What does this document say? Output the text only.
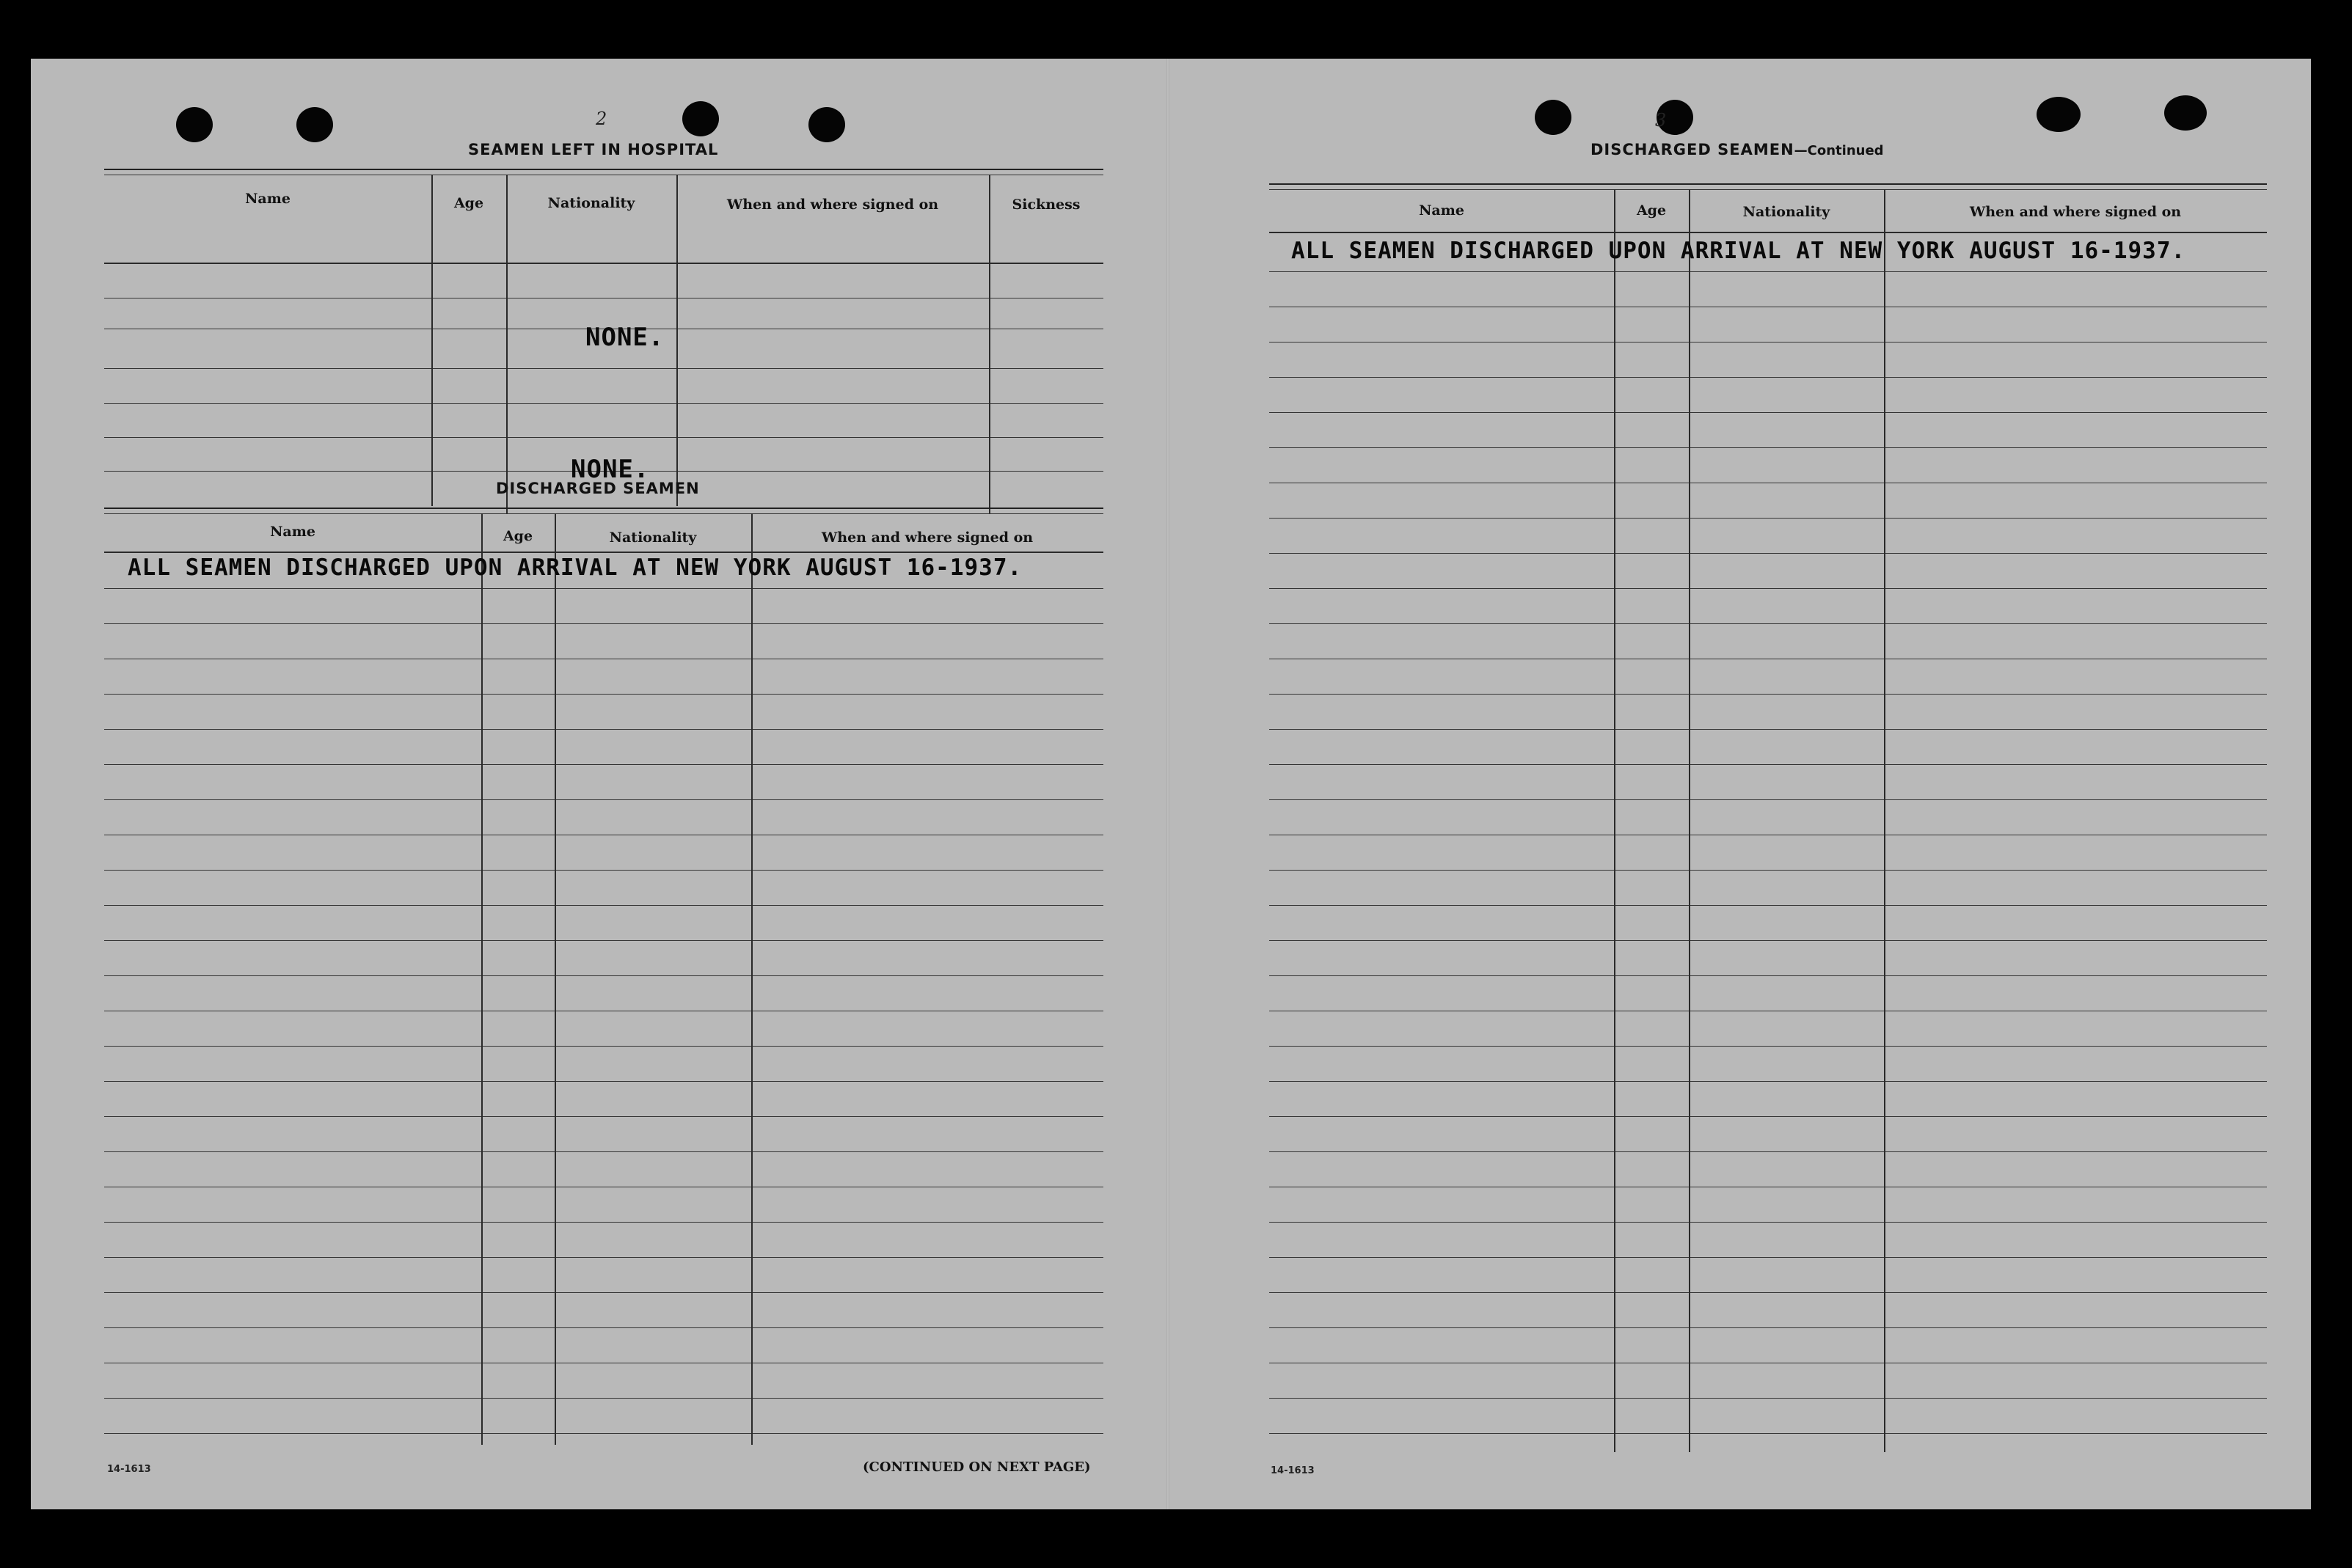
2
SEAMEN LEFT IN HOSPITAL
Name	Age	Nationality	When and where signed on	Sickness
NONE.
NONE.
DISCHARGED SEAMEN
Name	Age	Nationality	When and where signed on
ALL SEAMEN DISCHARGED UPON ARRIVAL AT NEW YORK AUGUST 16-1937.
14-1613	(CONTINUED ON NEXT PAGE)
3
DISCHARGED SEAMEN—Continued
Name	Age	Nationality	When and where signed on
ALL SEAMEN DISCHARGED UPON ARRIVAL AT NEW YORK AUGUST 16-1937.
14-1613
